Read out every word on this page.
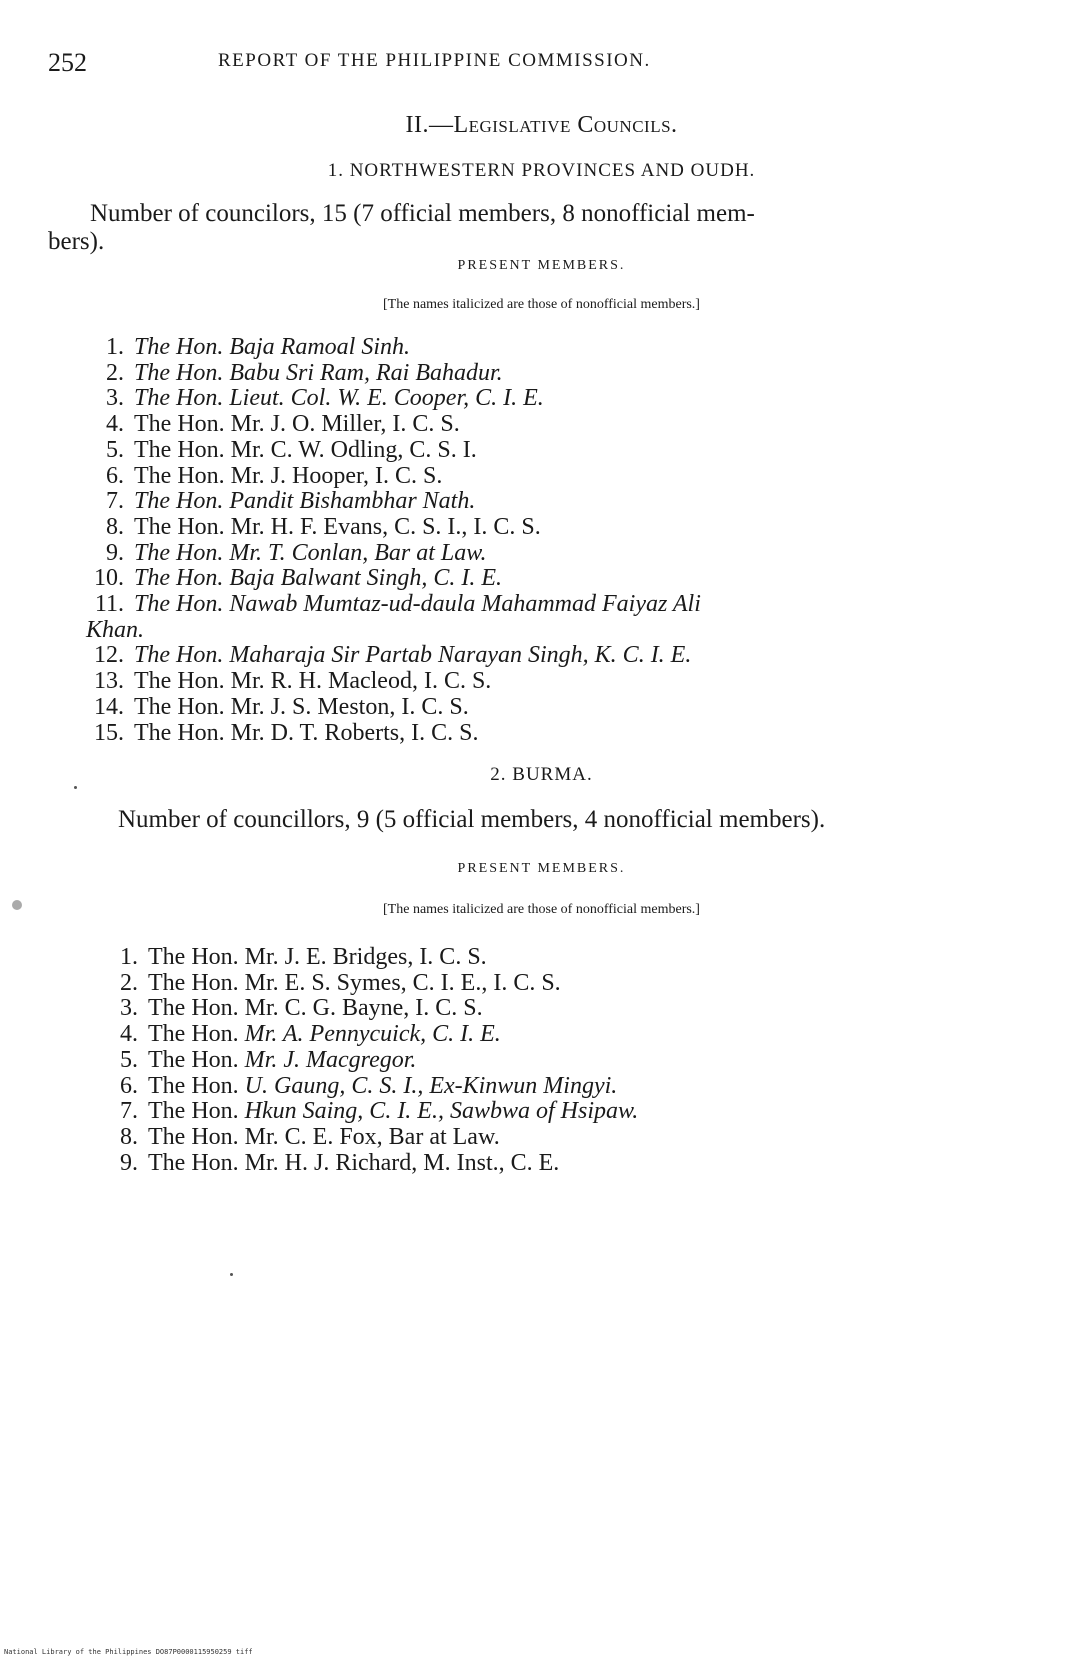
252	REPORT OF THE PHILIPPINE COMMISSION.
II.—Legislative Councils.
1. NORTHWESTERN PROVINCES AND OUDH.
Number of councilors, 15 (7 official members, 8 nonofficial mem-
bers).
PRESENT MEMBERS.
[The names italicized are those of nonofficial members.]
1. The Hon. Baja Ramoal Sinh.
2. The Hon. Babu Sri Ram, Rai Bahadur.
3. The Hon. Lieut. Col. W. E. Cooper, C. I. E.
4. The Hon. Mr. J. O. Miller, I. C. S.
5. The Hon. Mr. C. W. Odling, C. S. I.
6. The Hon. Mr. J. Hooper, I. C. S.
7. The Hon. Pandit Bishambhar Nath.
8. The Hon. Mr. H. F. Evans, C. S. I., I. C. S.
9. The Hon. Mr. T. Conlan, Bar at Law.
10. The Hon. Baja Balwant Singh, C. I. E.
11. The Hon. Nawab Mumtaz-ud-daula Mahammad Faiyaz Ali
Khan.
12. The Hon. Maharaja Sir Partab Narayan Singh, K. C. I. E.
13. The Hon. Mr. R. H. Macleod, I. C. S.
14. The Hon. Mr. J. S. Meston, I. C. S.
15. The Hon. Mr. D. T. Roberts, I. C. S.
2. BURMA.
Number of councillors, 9 (5 official members, 4 nonofficial members).
PRESENT MEMBERS.
[The names italicized are those of nonofficial members.]
1. The Hon. Mr. J. E. Bridges, I. C. S.
2. The Hon. Mr. E. S. Symes, C. I. E., I. C. S.
3. The Hon. Mr. C. G. Bayne, I. C. S.
4. The Hon. Mr. A. Pennycuick, C. I. E.
5. The Hon. Mr. J. Macgregor.
6. The Hon. U. Gaung, C. S. I., Ex-Kinwun Mingyi.
7. The Hon. Hkun Saing, C. I. E., Sawbwa of Hsipaw.
8. The Hon. Mr. C. E. Fox, Bar at Law.
9. The Hon. Mr. H. J. Richard, M. Inst., C. E.
National Library of the Philippines DO87P0000115950259 tiff
